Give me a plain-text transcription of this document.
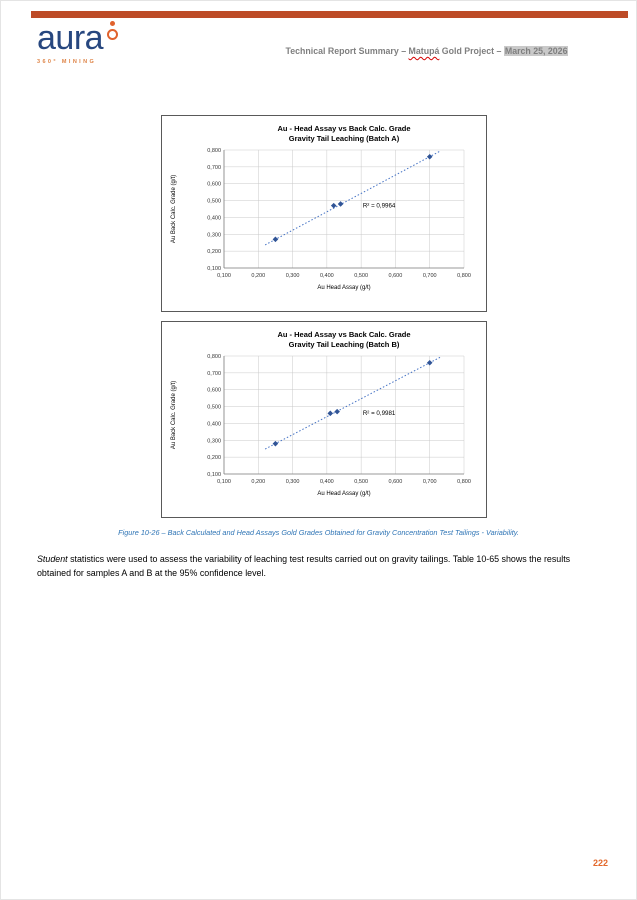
aura
360° MINING
Technical Report Summary – Matupá Gold Project – March 25, 2026
Au - Head Assay vs Back Calc. Grade
Gravity Tail Leaching (Batch A)
0,100
0,100
0,200
0,200
0,300
0,300
0,400
0,400
0,500
0,500
0,600
0,600
0,700
0,700
0,800
0,800
R² = 0,9964
Au Head Assay (g/t)
Au Back Calc. Grade (g/t)
Au - Head Assay vs Back Calc. Grade
Gravity Tail Leaching (Batch B)
0,100
0,100
0,200
0,200
0,300
0,300
0,400
0,400
0,500
0,500
0,600
0,600
0,700
0,700
0,800
0,800
R² = 0,9981
Au Head Assay (g/t)
Au Back Calc. Grade (g/t)
Figure 10-26 – Back Calculated and Head Assays Gold Grades Obtained for Gravity Concentration Test Tailings - Variability.

Student statistics were used to assess the variability of leaching test results carried out on gravity tailings. Table 10-65 shows the results obtained for samples A and B at the 95% confidence level.

222
